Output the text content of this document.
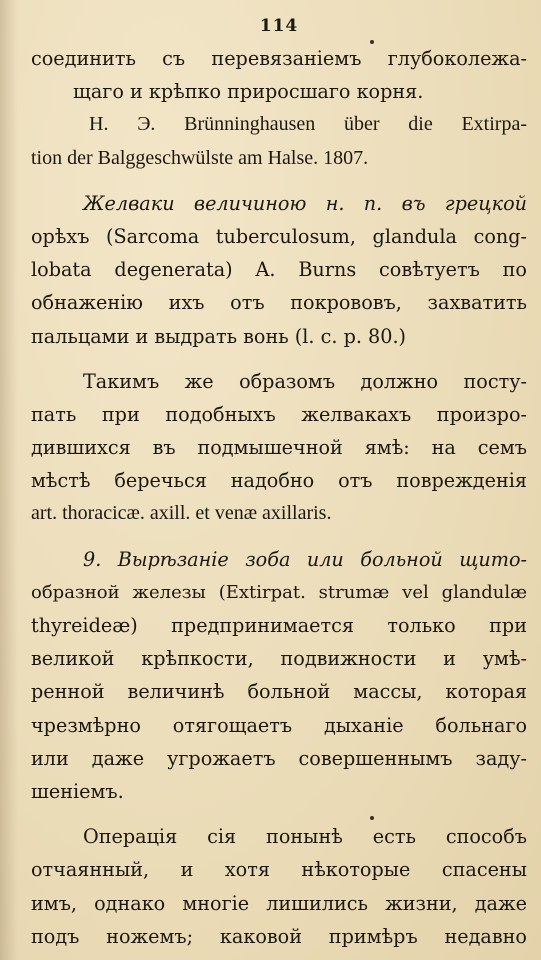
114
соединить съ перевязанiемъ глубоколежа-
щаго и крѣпко приросшаго корня.
H. Э. Brünninghausen über die Extirpa-
tion der Balggeschwülste am Halse. 1807.
Желваки величиною н. п. въ грецкой
орѣхъ (Sarcoma tuberculosum, glandula cong-
lobata degenerata) A. Burns совѣтуетъ по
обнаженiю ихъ отъ покрововъ, захватить
пальцами и выдрать вонь (l. c. p. 80.)
Такимъ же образомъ должно посту-
пать при подобныхъ желвакахъ произро-
дившихся въ подмышечной ямѣ: на семъ
мѣстѣ беречься надобно отъ поврежденiя
art. thoracicæ. axill. et venæ axillaris.
9. Вырѣзанiе зоба или больной щито-
образной железы (Extirpat. strumæ vel glandulæ
thyreideæ) предпринимается только при
великой крѣпкости, подвижности и умѣ-
ренной величинѣ больной массы, которая
чрезмѣрно отягощаетъ дыханiе больнаго
или даже угрожаетъ совершеннымъ заду-
шенiемъ.
Операцiя сiя понынѣ есть способъ
отчаянный, и хотя нѣкоторые спасены
имъ, однако многiе лишились жизни, даже
подъ ножемъ; каковой примѣръ недавно
